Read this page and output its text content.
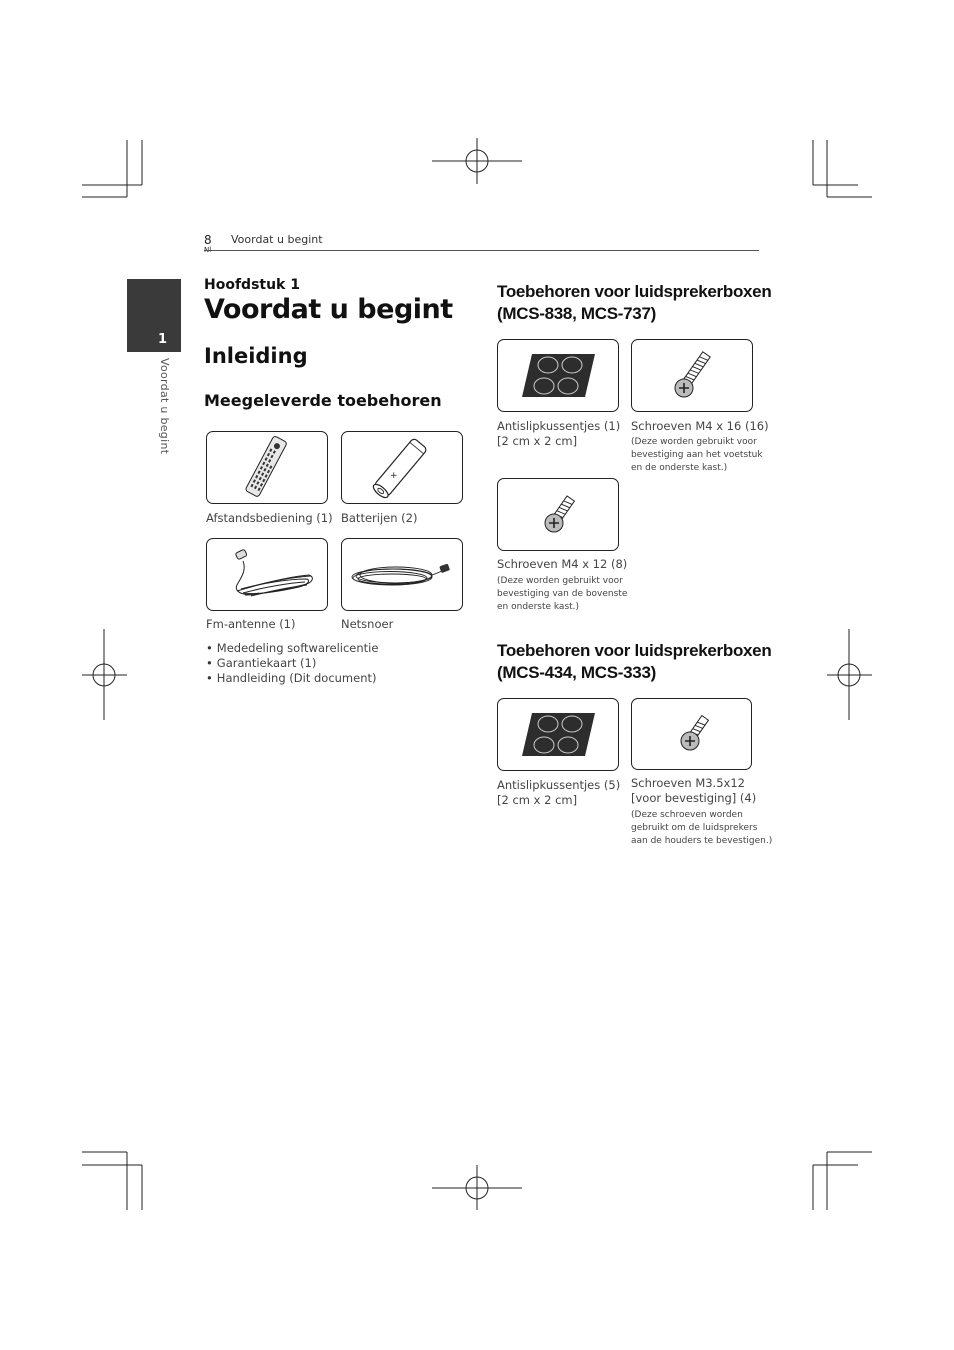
8 Voordat u begint
1
Voordat u begint
Hoofdstuk 1
Voordat u begint
Inleiding
Meegeleverde toebehoren
Afstandsbediening (1)
+
Batterijen (2)
Fm-antenne (1)	Netsnoer
• Mededeling softwarelicentie
• Garantiekaart (1)
• Handleiding (Dit document)
Toebehoren voor luidsprekerboxen
(MCS-838, MCS-737)
Antislipkussentjes (1)
[2 cm x 2 cm]
Schroeven M4 x 16 (16)
(Deze worden gebruikt voor
bevestiging aan het voetstuk
en de onderste kast.)
Schroeven M4 x 12 (8)
(Deze worden gebruikt voor
bevestiging van de bovenste
en onderste kast.)
Toebehoren voor luidsprekerboxen
(MCS-434, MCS-333)
Antislipkussentjes (5)
[2 cm x 2 cm]
Schroeven M3.5x12
[voor bevestiging] (4)
(Deze schroeven worden
gebruikt om de luidsprekers
aan de houders te bevestigen.)
